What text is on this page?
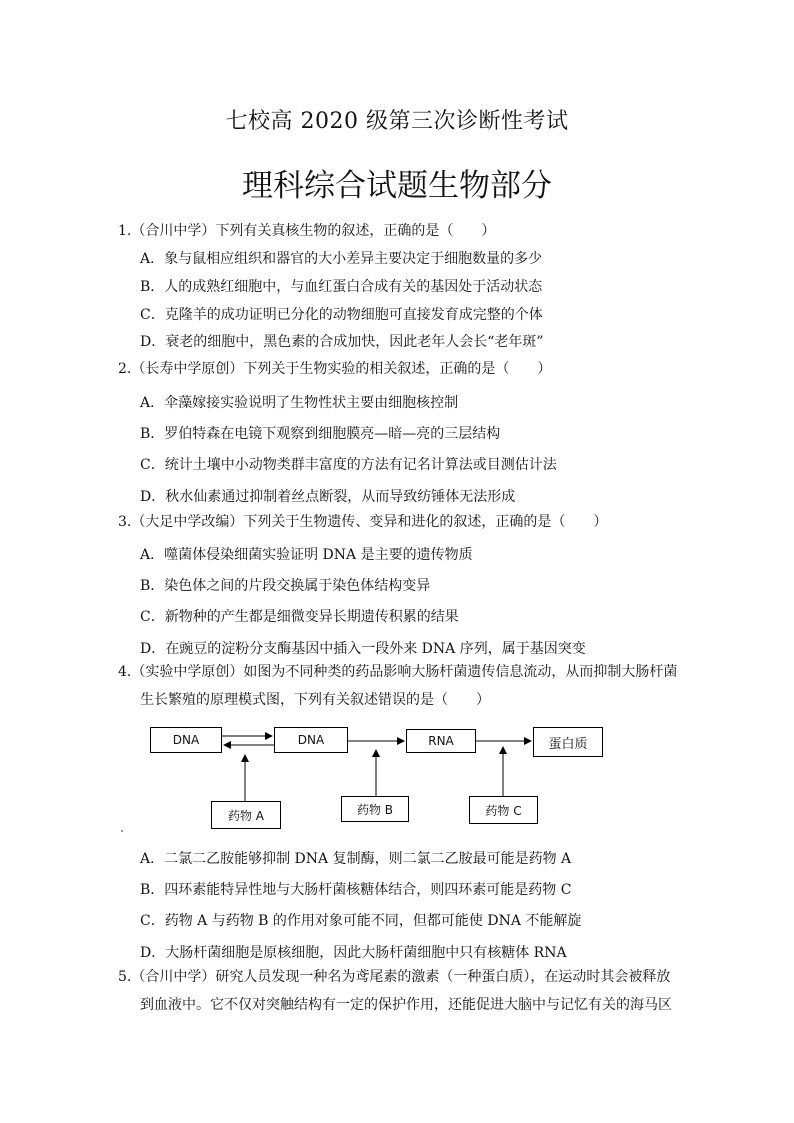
七校高 2020 级第三次诊断性考试
理科综合试题生物部分
1.（合川中学）下列有关真核生物的叙述，正确的是（　　）
A．象与鼠相应组织和器官的大小差异主要决定于细胞数量的多少
B．人的成熟红细胞中，与血红蛋白合成有关的基因处于活动状态
C．克隆羊的成功证明已分化的动物细胞可直接发育成完整的个体
D．衰老的细胞中，黑色素的合成加快，因此老年人会长“老年斑”
2.（长寿中学原创）下列关于生物实验的相关叙述，正确的是（　　）
A．伞藻嫁接实验说明了生物性状主要由细胞核控制
B．罗伯特森在电镜下观察到细胞膜亮—暗—亮的三层结构
C．统计土壤中小动物类群丰富度的方法有记名计算法或目测估计法
D．秋水仙素通过抑制着丝点断裂，从而导致纺锤体无法形成
3.（大足中学改编）下列关于生物遗传、变异和进化的叙述，正确的是（　　）
A．噬菌体侵染细菌实验证明 DNA 是主要的遗传物质
B．染色体之间的片段交换属于染色体结构变异
C．新物种的产生都是细微变异长期遗传积累的结果
D．在豌豆的淀粉分支酶基因中插入一段外来 DNA 序列，属于基因突变
4.（实验中学原创）如图为不同种类的药品影响大肠杆菌遗传信息流动，从而抑制大肠杆菌
生长繁殖的原理模式图，下列有关叙述错误的是（　　）
DNA	DNA	RNA	蛋白质
药物 A	药物 B	药物 C
A．二氯二乙胺能够抑制 DNA 复制酶，则二氯二乙胺最可能是药物 A
B．四环素能特异性地与大肠杆菌核糖体结合，则四环素可能是药物 C
C．药物 A 与药物 B 的作用对象可能不同，但都可能使 DNA 不能解旋
D．大肠杆菌细胞是原核细胞，因此大肠杆菌细胞中只有核糖体 RNA
5.（合川中学）研究人员发现一种名为鸢尾素的激素（一种蛋白质），在运动时其会被释放
到血液中。它不仅对突触结构有一定的保护作用，还能促进大脑中与记忆有关的海马区
